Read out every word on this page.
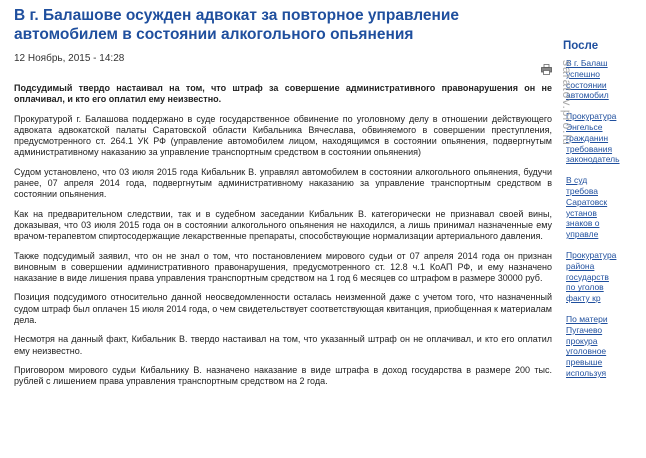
В г. Балашове осужден адвокат за повторное управление автомобилем в состоянии алкогольного опьянения
12 Ноябрь, 2015 - 14:28

Подсудимый твердо настаивал на том, что штраф за совершение административного правонарушения он не оплачивал, и кто его оплатил ему неизвестно.

Прокуратурой г. Балашова поддержано в суде государственное обвинение по уголовному делу в отношении действующего адвоката адвокатской палаты Саратовской области Кибальника Вячеслава, обвиняемого в совершении преступления, предусмотренного ст. 264.1 УК РФ (управление автомобилем лицом, находящимся в состоянии опьянения, подвергнутым административному наказанию за управление транспортным средством в состоянии опьянения)

Судом установлено, что 03 июля 2015 года Кибальник В. управлял автомобилем в состоянии алкогольного опьянения, будучи ранее, 07 апреля 2014 года, подвергнутым административному наказанию за управление транспортным средством в состоянии опьянения.

Как на предварительном следствии, так и в судебном заседании Кибальник В. категорически не признавал своей вины, доказывая, что 03 июля 2015 года он в состоянии алкогольного опьянения не находился, а лишь принимал назначенные ему врачом-терапевтом спиртосодержащие лекарственные препараты, способствующие нормализации артериального давления.

Также подсудимый заявил, что он не знал о том, что постановлением мирового судьи от 07 апреля 2014 года он признан виновным в совершении административного правонарушения, предусмотренного ст. 12.8 ч.1 КоАП РФ, и ему назначено наказание в виде лишения права управления транспортным средством на 1 год 6 месяцев со штрафом в размере 30000 руб.

Позиция подсудимого относительно данной неосведомленности осталась неизменной даже с учетом того, что назначенный судом штраф был оплачен 15 июля 2014 года, о чем свидетельствует соответствующая квитанция, приобщенная к материалам дела.

Несмотря на данный факт, Кибальник В. твердо настаивал на том, что указанный штраф он не оплачивал, и кто его оплатил ему неизвестно.

Приговором мирового судьи Кибальнику В. назначено наказание в виде штрафа в доход государства в размере 200 тыс. рублей с лишением права управления транспортным средством на 2 года.

После
В г. Балаш
успешно
состоянии
автомобил
Прокуратура
Энгельсе
гражданин
требования
законодатель
В суд
требова
Саратовск
установ
знаков о
управле
Прокуратура
района
государств
по уголов
факту кр
По матери
Пугачево
прокура
уголовное
превыше
используя
saratov.pro.lu
